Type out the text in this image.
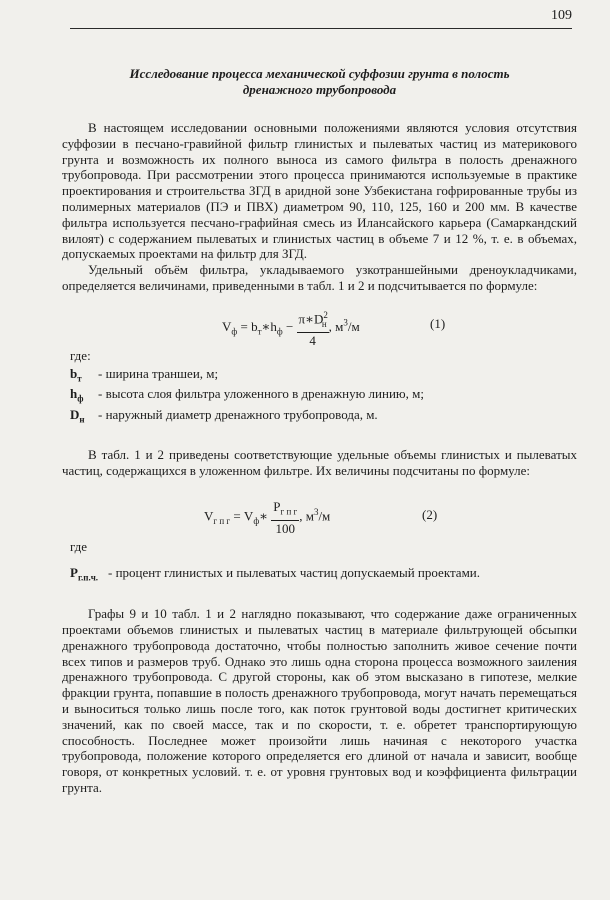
109
Исследование процесса механической суффозии грунта в полость
дренажного трубопровода

В настоящем исследовании основными положениями являются условия отсутствия суффозии в песчано-гравийной фильтр глинистых и пылеватых частиц из материкового грунта и возможность их полного выноса из самого фильтра в полость дренажного трубопровода. При рассмотрении этого процесса принимаются используемые в практике проектирования и строительства ЗГД в аридной зоне Узбекистана гофрированные трубы из полимерных материалов (ПЭ и ПВХ) диаметром 90, 110, 125, 160 и 200 мм. В качестве фильтра используется песчано-графийная смесь из Илансайского карьера (Самаркандский вилоят) с содержанием пылеватых и глинистых частиц в объеме 7 и 12 %, т. е. в объемах, допускаемых проектами на фильтр для ЗГД.

Удельный объём фильтра, укладываемого узкотраншейными дреноукладчиками, определяется величинами, приведенными в табл. 1 и 2 и подсчитывается по формуле:

$V_ф$ = $b_т∗h_ф - \frac{\pi∗D^2_н}{4}$ , $м^3/м$	(1)
где:
$b_т$	- ширина траншеи, м;
$h_ф$	- высота слоя фильтра уложенного в дренажную линию, м;
$D_н$	- наружный диаметр дренажного трубопровода, м.

В табл. 1 и 2 приведены соответствующие удельные объемы глинистых и пылеватых частиц, содержащихся в уложенном фильтре. Их величины подсчитаны по формуле:

$V_{г п г}$ = $V_ф∗ \frac{P_{г п г}}{100}$ , $м^3/м$	(2)
где
$P_{г.п.ч.}$ - процент глинистых и пылеватых частиц допускаемый проектами.

Графы 9 и 10 табл. 1 и 2 наглядно показывают, что содержание даже ограниченных проектами объемов глинистых и пылеватых частиц в материале фильтрующей обсыпки дренажного трубопровода достаточно, чтобы полностью заполнить живое сечение почти всех типов и размеров труб. Однако это лишь одна сторона процесса возможного заиления дренажного трубопровода. С другой стороны, как об этом высказано в гипотезе, мелкие фракции грунта, попавшие в полость дренажного трубопровода, могут начать перемещаться и выноситься только лишь после того, как поток грунтовой воды достигнет критических значений, как по своей массе, так и по скорости, т. е. обретет транспортирующую способность. Последнее может произойти лишь начиная с некоторого участка трубопровода, положение которого определяется его длиной от начала и зависит, вообще говоря, от конкретных условий. т. е. от уровня грунтовых вод и коэффициента фильтрации грунта.
